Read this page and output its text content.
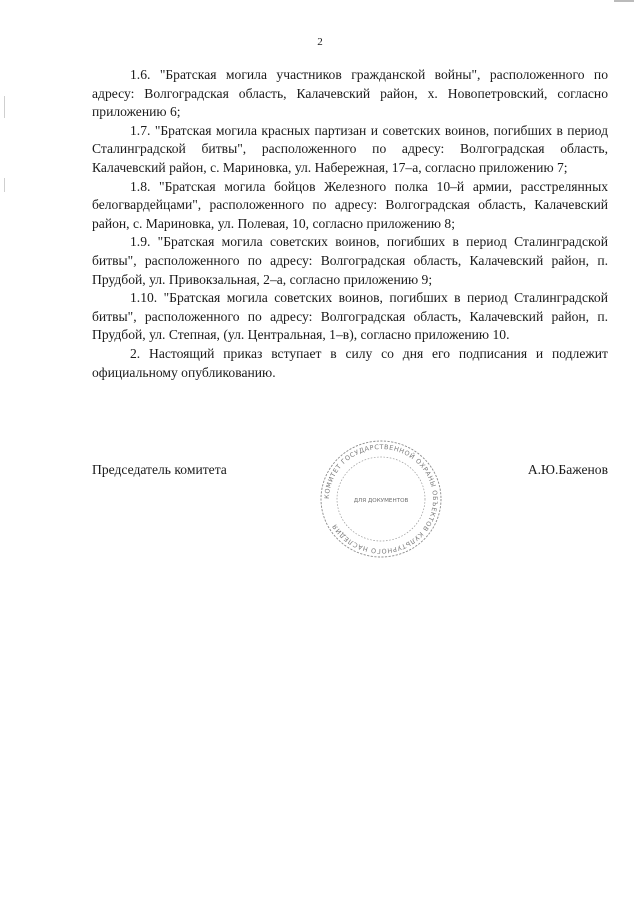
2

1.6. "Братская могила участников гражданской войны", расположенного по адресу: Волгоградская область, Калачевский район, х. Новопетровский, согласно приложению 6;

1.7. "Братская могила красных партизан и советских воинов, погибших в период Сталинградской битвы", расположенного по адресу: Волгоградская область, Калачевский район, с. Мариновка, ул. Набережная, 17–а, согласно приложению 7;

1.8. "Братская могила бойцов Железного полка 10–й армии, расстрелянных белогвардейцами", расположенного по адресу: Волгоградская область, Калачевский район, с. Мариновка, ул. Полевая, 10, согласно приложению 8;

1.9. "Братская могила советских воинов, погибших в период Сталинградской битвы", расположенного по адресу: Волгоградская область, Калачевский район, п. Прудбой, ул. Привокзальная, 2–а, согласно приложению 9;

1.10. "Братская могила советских воинов, погибших в период Сталинградской битвы", расположенного по адресу: Волгоградская область, Калачевский район, п. Прудбой, ул. Степная, (ул. Центральная, 1–в), согласно приложению 10.

2. Настоящий приказ вступает в силу со дня его подписания и подлежит официальному опубликованию.

Председатель комитета	А.Ю.Баженов
КОМИТЕТ ГОСУДАРСТВЕННОЙ ОХРАНЫ ОБЪЕКТОВ КУЛЬТУРНОГО НАСЛЕДИЯ
ДЛЯ ДОКУМЕНТОВ
